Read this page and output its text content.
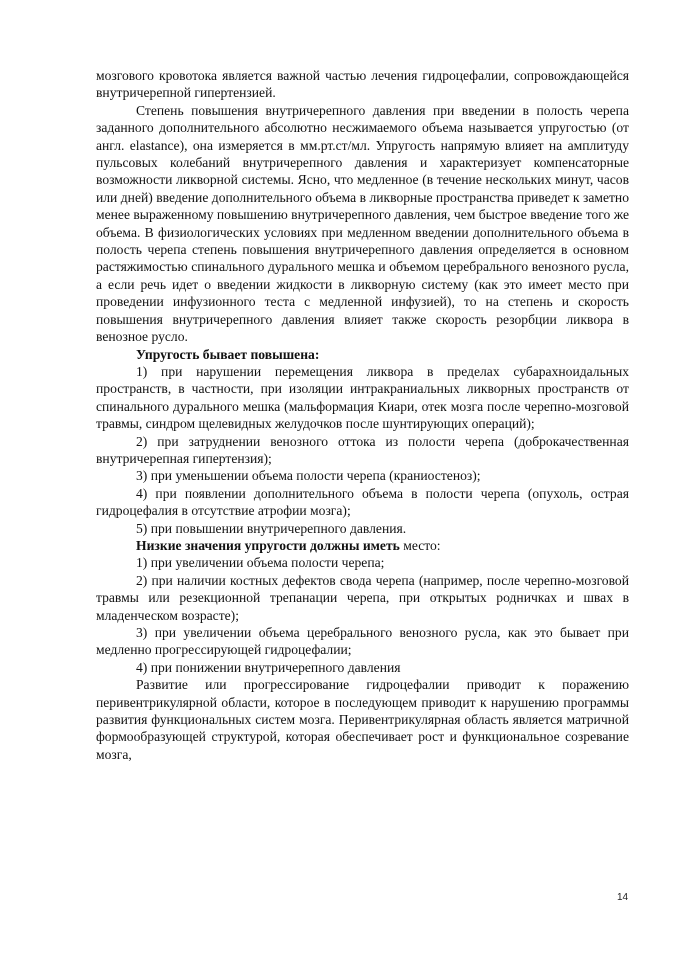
мозгового кровотока является важной частью лечения гидроцефалии, сопровождающейся внутричерепной гипертензией.

Степень повышения внутричерепного давления при введении в полость черепа заданного дополнительного абсолютно несжимаемого объема называется упругостью (от англ. elastance), она измеряется в мм.рт.ст/мл. Упругость напрямую влияет на амплитуду пульсовых колебаний внутричерепного давления и характеризует компенсаторные возможности ликворной системы. Ясно, что медленное (в течение нескольких минут, часов или дней) введение дополнительного объема в ликворные пространства приведет к заметно менее выраженному повышению внутричерепного давления, чем быстрое введение того же объема. В физиологических условиях при медленном введении дополнительного объема в полость черепа степень повышения внутричерепного давления определяется в основном растяжимостью спинального дурального мешка и объемом церебрального венозного русла, а если речь идет о введении жидкости в ликворную систему (как это имеет место при проведении инфузионного теста с медленной инфузией), то на степень и скорость повышения внутричерепного давления влияет также скорость резорбции ликвора в венозное русло.

Упругость бывает повышена:

1) при нарушении перемещения ликвора в пределах субарахноидальных пространств, в частности, при изоляции интракраниальных ликворных пространств от спинального дурального мешка (мальформация Киари, отек мозга после черепно-мозговой травмы, синдром щелевидных желудочков после шунтирующих операций);

2) при затруднении венозного оттока из полости черепа (доброкачественная внутричерепная гипертензия);

3) при уменьшении объема полости черепа (краниостеноз);

4) при появлении дополнительного объема в полости черепа (опухоль, острая гидроцефалия в отсутствие атрофии мозга);

5) при повышении внутричерепного давления.

Низкие значения упругости должны иметь место:

1) при увеличении объема полости черепа;

2) при наличии костных дефектов свода черепа (например, после черепно-мозговой травмы или резекционной трепанации черепа, при открытых родничках и швах в младенческом возрасте);

3) при увеличении объема церебрального венозного русла, как это бывает при медленно прогрессирующей гидроцефалии;

4) при понижении внутричерепного давления

Развитие или прогрессирование гидроцефалии приводит к поражению перивентрикулярной области, которое в последующем приводит к нарушению программы развития функциональных систем мозга. Перивентрикулярная область является матричной формообразующей структурой, которая обеспечивает рост и функциональное созревание мозга,

14
